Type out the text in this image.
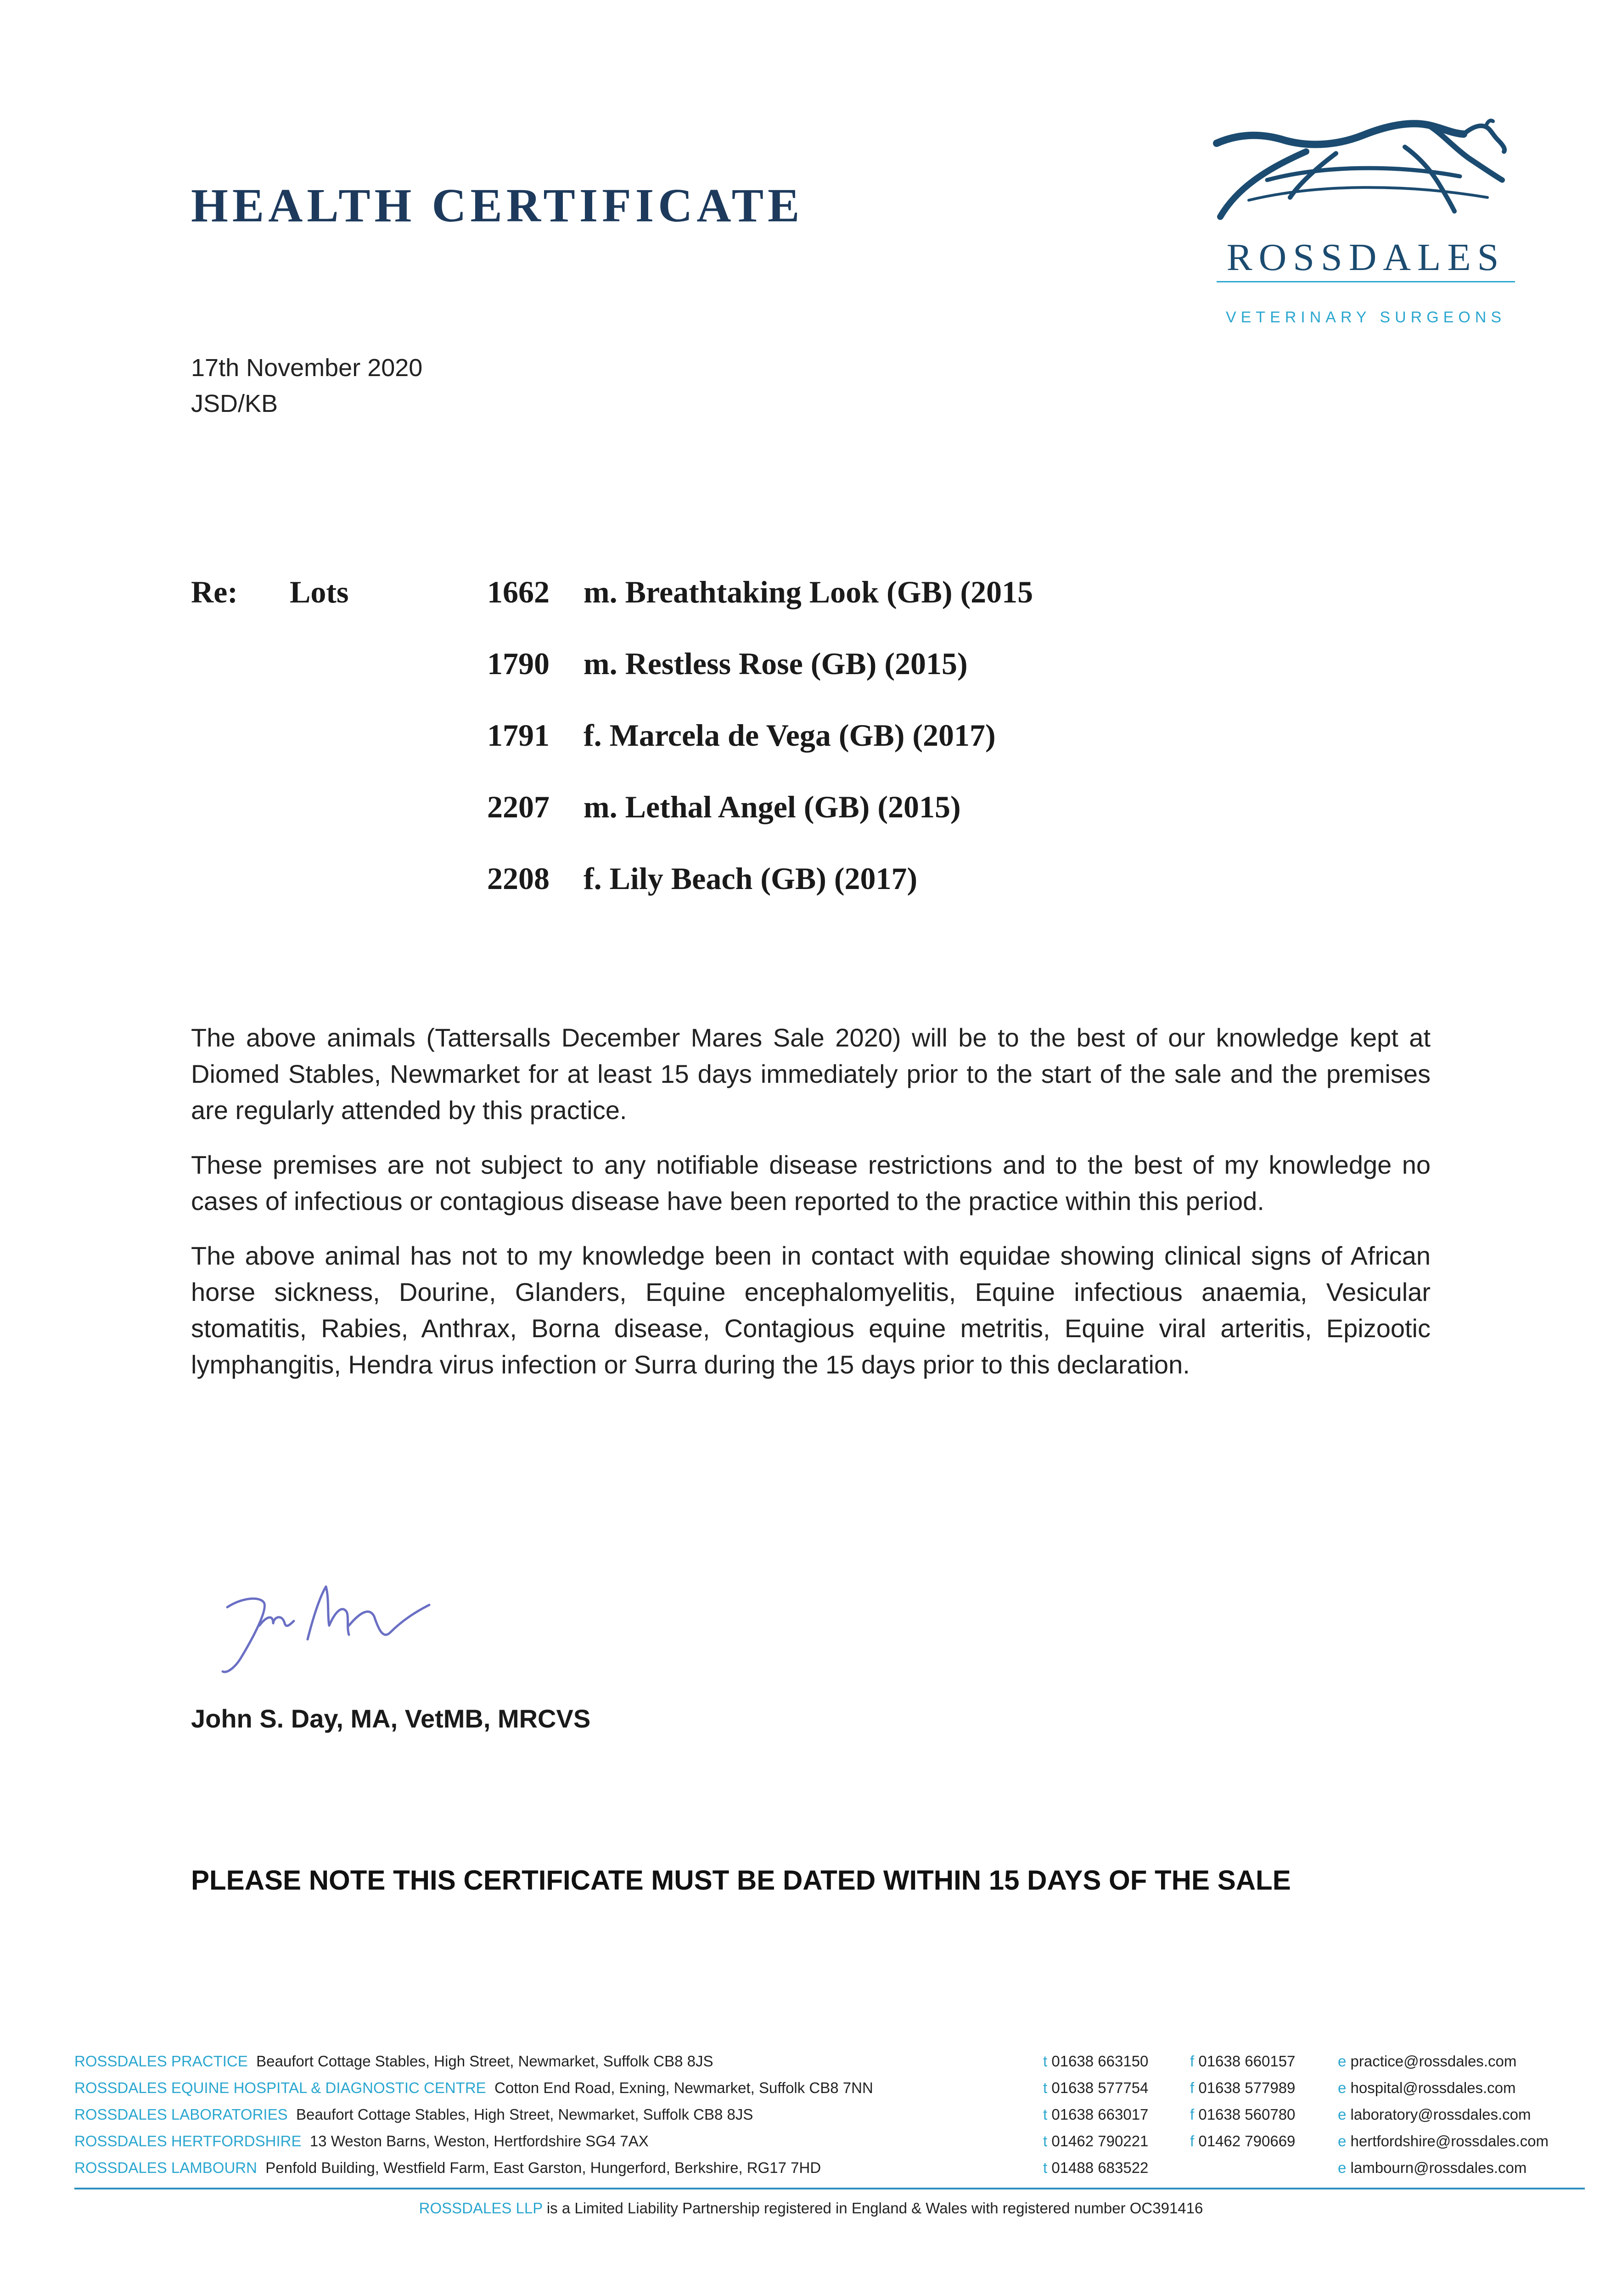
HEALTH CERTIFICATE
ROSSDALES
VETERINARY SURGEONS
17th November 2020
JSD/KB
Re: Lots	1662 m. Breathtaking Look (GB) (2015
1790 m. Restless Rose (GB) (2015)
1791 f. Marcela de Vega (GB) (2017)
2207 m. Lethal Angel (GB) (2015)
2208 f. Lily Beach (GB) (2017)

The above animals (Tattersalls December Mares Sale 2020) will be to the best of our knowledge kept at Diomed Stables, Newmarket for at least 15 days immediately prior to the start of the sale and the premises are regularly attended by this practice.

These premises are not subject to any notifiable disease restrictions and to the best of my knowledge no cases of infectious or contagious disease have been reported to the practice within this period.

The above animal has not to my knowledge been in contact with equidae showing clinical signs of African horse sickness, Dourine, Glanders, Equine encephalomyelitis, Equine infectious anaemia, Vesicular stomatitis, Rabies, Anthrax, Borna disease, Contagious equine metritis, Equine viral arteritis, Epizootic lymphangitis, Hendra virus infection or Surra during the 15 days prior to this declaration.

John S. Day, MA, VetMB, MRCVS
PLEASE NOTE THIS CERTIFICATE MUST BE DATED WITHIN 15 DAYS OF THE SALE
ROSSDALES PRACTICE Beaufort Cottage Stables, High Street, Newmarket, Suffolk CB8 8JS	t 01638 663150	f 01638 660157	e practice@rossdales.com
ROSSDALES EQUINE HOSPITAL & DIAGNOSTIC CENTRE Cotton End Road, Exning, Newmarket, Suffolk CB8 7NN	t 01638 577754	f 01638 577989	e hospital@rossdales.com
ROSSDALES LABORATORIES Beaufort Cottage Stables, High Street, Newmarket, Suffolk CB8 8JS	t 01638 663017	f 01638 560780	e laboratory@rossdales.com
ROSSDALES HERTFORDSHIRE 13 Weston Barns, Weston, Hertfordshire SG4 7AX	t 01462 790221	f 01462 790669	e hertfordshire@rossdales.com
ROSSDALES LAMBOURN Penfold Building, Westfield Farm, East Garston, Hungerford, Berkshire, RG17 7HD	t 01488 683522	e lambourn@rossdales.com
ROSSDALES LLP is a Limited Liability Partnership registered in England & Wales with registered number OC391416
